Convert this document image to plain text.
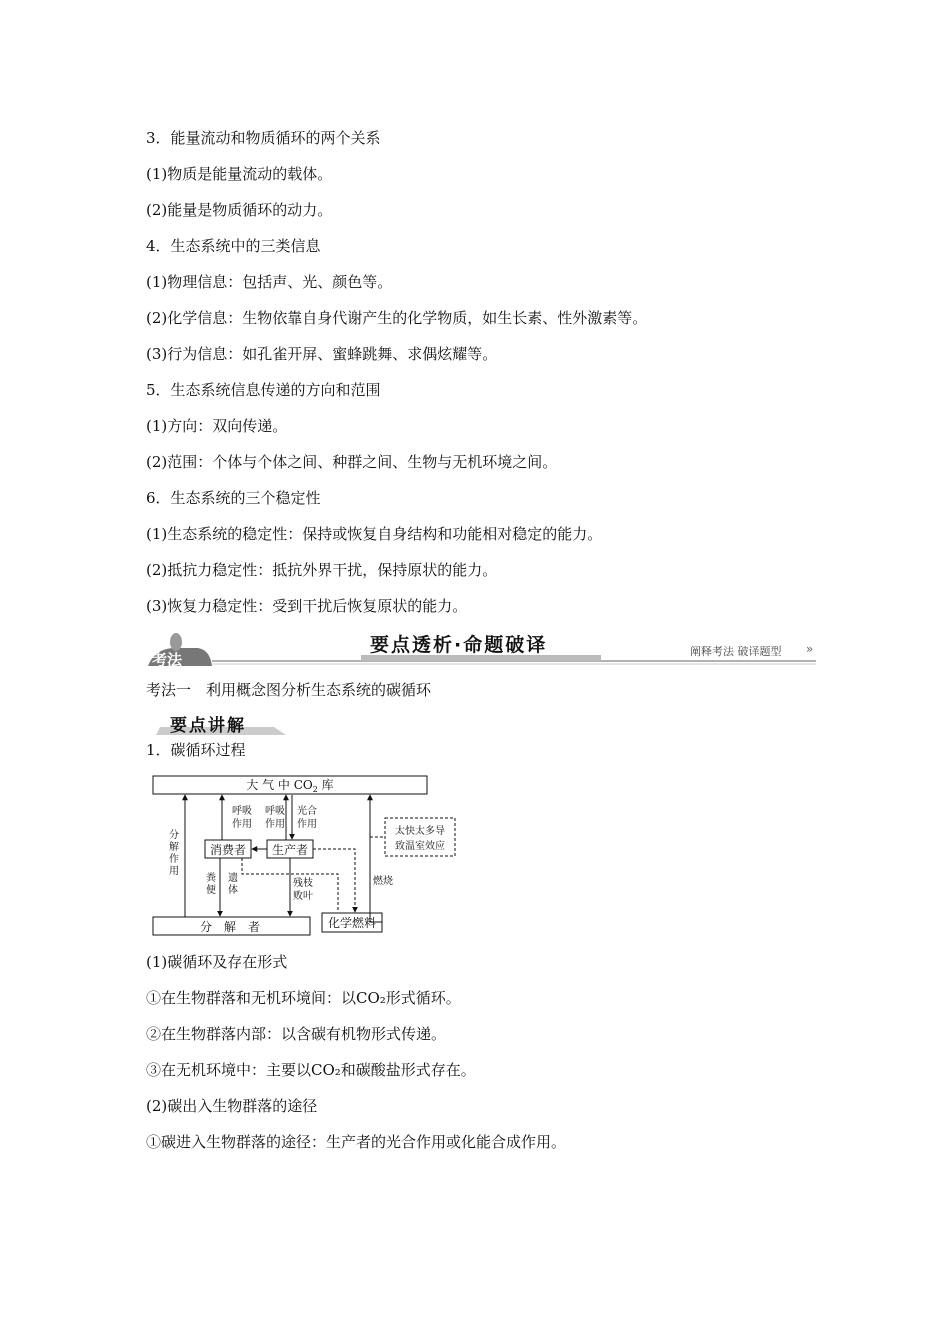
3．能量流动和物质循环的两个关系
(1)物质是能量流动的载体。
(2)能量是物质循环的动力。
4．生态系统中的三类信息
(1)物理信息：包括声、光、颜色等。
(2)化学信息：生物依靠自身代谢产生的化学物质，如生长素、性外激素等。
(3)行为信息：如孔雀开屏、蜜蜂跳舞、求偶炫耀等。
5．生态系统信息传递的方向和范围
(1)方向：双向传递。
(2)范围：个体与个体之间、种群之间、生物与无机环境之间。
6．生态系统的三个稳定性
(1)生态系统的稳定性：保持或恢复自身结构和功能相对稳定的能力。
(2)抵抗力稳定性：抵抗外界干扰，保持原状的能力。
(3)恢复力稳定性：受到干扰后恢复原状的能力。
»
考法
要点透析·命题破译	阐释考法 破译题型
考法一　利用概念图分析生态系统的碳循环
要点讲解
1．碳循环过程
大 气 中 $CO_2$ 库
分　解　者
消费者 生产者
化学燃料
太快太多导
致温室效应
分
解
作
用
呼吸
作用
呼吸
作用
光合
作用
粪
便
遗
体
残枝
败叶
燃烧
(1)碳循环及存在形式
①在生物群落和无机环境间：以CO₂形式循环。
②在生物群落内部：以含碳有机物形式传递。
③在无机环境中：主要以CO₂和碳酸盐形式存在。
(2)碳出入生物群落的途径
①碳进入生物群落的途径：生产者的光合作用或化能合成作用。
